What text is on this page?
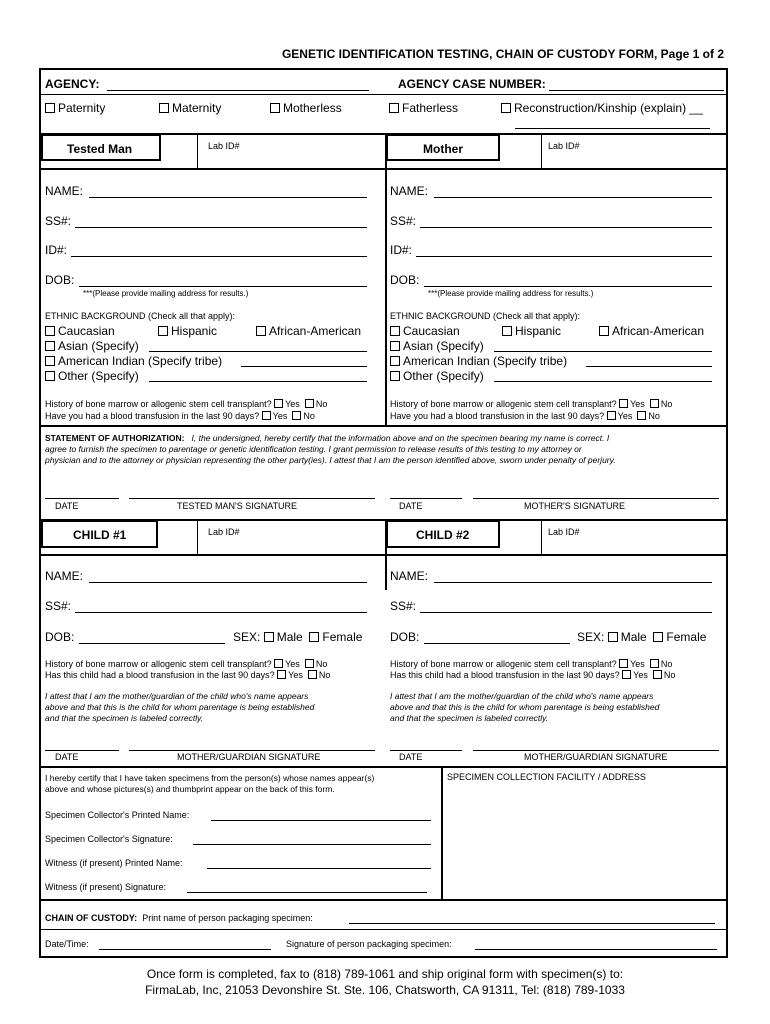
GENETIC IDENTIFICATION TESTING, CHAIN OF CUSTODY FORM, Page 1 of 2
AGENCY:	AGENCY CASE NUMBER:
Paternity	Maternity	Motherless	Fatherless	Reconstruction/Kinship (explain) __
Tested Man	Lab ID#	Mother	Lab ID#
NAME:
SS#:
ID#:
DOB:
***(Please provide mailing address for results.)
ETHNIC BACKGROUND (Check all that apply):
Caucasian	Hispanic	African-American
Asian (Specify)
American Indian (Specify tribe)
Other (Specify)
History of bone marrow or allogenic stem cell transplant? Yes No
Have you had a blood transfusion in the last 90 days? Yes No
NAME:
SS#:
ID#:
DOB:
***(Please provide mailing address for results.)
ETHNIC BACKGROUND (Check all that apply):
Caucasian	Hispanic	African-American
Asian (Specify)
American Indian (Specify tribe)
Other (Specify)
History of bone marrow or allogenic stem cell transplant? Yes No
Have you had a blood transfusion in the last 90 days? Yes No
STATEMENT OF AUTHORIZATION: I, the undersigned, hereby certify that the information above and on the specimen bearing my name is correct. I
agree to furnish the specimen to parentage or genetic identification testing. I grant permission to release results of this testing to my attorney or
physician and to the attorney or physician representing the other party(ies). I attest that I am the person identified above, sworn under penalty of perjury.
DATE	TESTED MAN'S SIGNATURE	DATE	MOTHER'S SIGNATURE
CHILD #1	Lab ID#	CHILD #2	Lab ID#
NAME:
SS#:
DOB:	SEX: Male Female
History of bone marrow or allogenic stem cell transplant? Yes No
Has this child had a blood transfusion in the last 90 days? Yes No
I attest that I am the mother/guardian of the child who's name appears
above and that this is the child for whom parentage is being established
and that the specimen is labeled correctly.
DATE	MOTHER/GUARDIAN SIGNATURE
NAME:
SS#:
DOB:	SEX: Male Female
History of bone marrow or allogenic stem cell transplant? Yes No
Has this child had a blood transfusion in the last 90 days? Yes No
I attest that I am the mother/guardian of the child who's name appears
above and that this is the child for whom parentage is being established
and that the specimen is labeled correctly.
DATE	MOTHER/GUARDIAN SIGNATURE
I hereby certify that I have taken specimens from the person(s) whose names appear(s)
above and whose pictures(s) and thumbprint appear on the back of this form.
Specimen Collector's Printed Name:
Specimen Collector's Signature:
Witness (if present) Printed Name:
Witness (if present) Signature:
SPECIMEN COLLECTION FACILITY / ADDRESS
CHAIN OF CUSTODY: Print name of person packaging specimen:
Date/Time:	Signature of person packaging specimen:
Once form is completed, fax to (818) 789-1061 and ship original form with specimen(s) to:
FirmaLab, Inc, 21053 Devonshire St. Ste. 106, Chatsworth, CA 91311, Tel: (818) 789-1033
